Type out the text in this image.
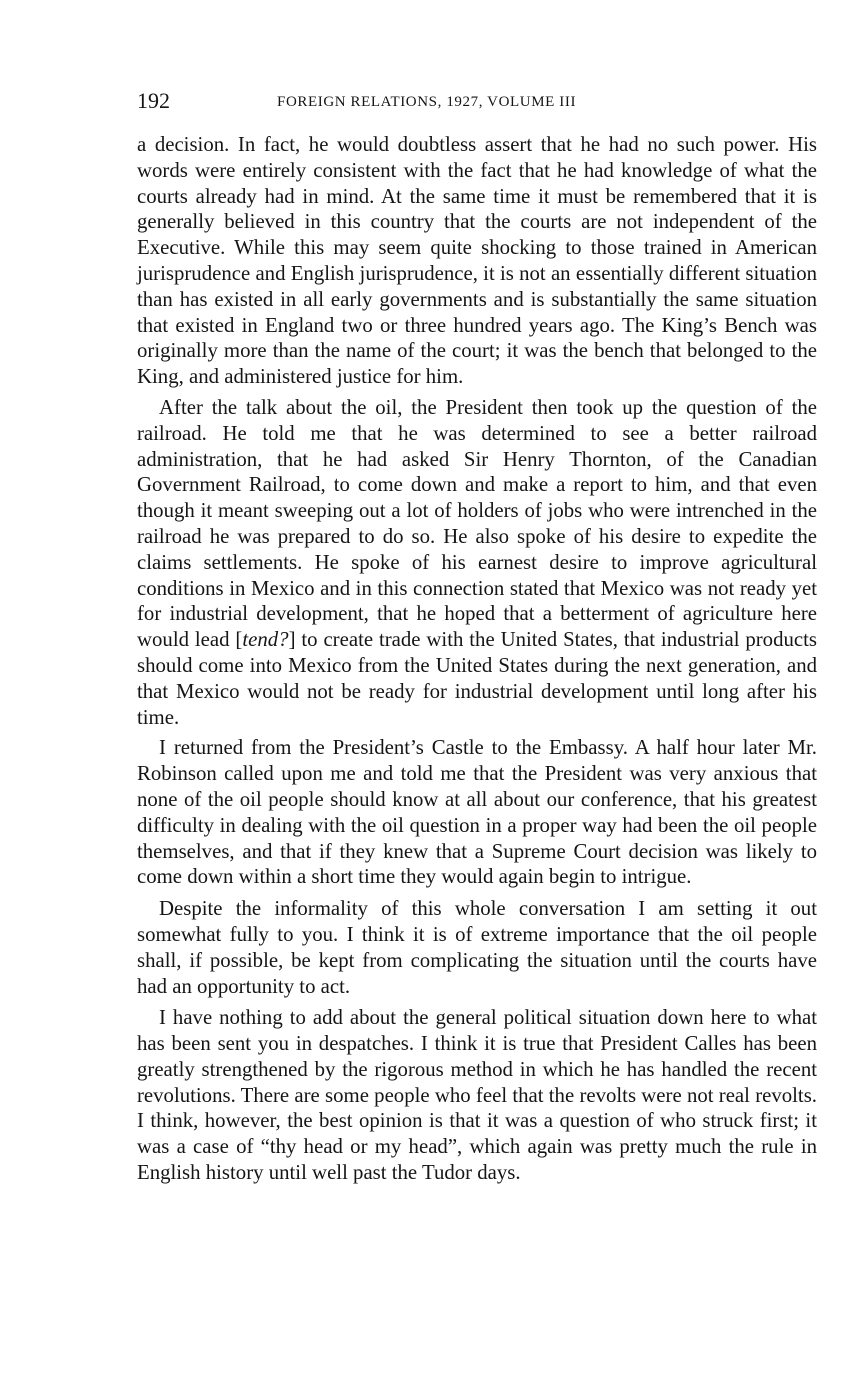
192	FOREIGN RELATIONS, 1927, VOLUME III

a decision. In fact, he would doubtless assert that he had no such power. His words were entirely consistent with the fact that he had knowledge of what the courts already had in mind. At the same time it must be remembered that it is generally believed in this country that the courts are not independent of the Executive. While this may seem quite shocking to those trained in American jurisprudence and English jurisprudence, it is not an essentially different situation than has existed in all early governments and is substantially the same situation that existed in England two or three hundred years ago. The King’s Bench was originally more than the name of the court; it was the bench that belonged to the King, and administered justice for him.

After the talk about the oil, the President then took up the question of the railroad. He told me that he was determined to see a better railroad administration, that he had asked Sir Henry Thornton, of the Canadian Government Railroad, to come down and make a report to him, and that even though it meant sweeping out a lot of holders of jobs who were intrenched in the railroad he was prepared to do so. He also spoke of his desire to expedite the claims settlements. He spoke of his earnest desire to improve agricultural conditions in Mexico and in this connection stated that Mexico was not ready yet for industrial development, that he hoped that a betterment of agriculture here would lead [tend?] to create trade with the United States, that industrial products should come into Mexico from the United States during the next generation, and that Mexico would not be ready for industrial development until long after his time.

I returned from the President’s Castle to the Embassy. A half hour later Mr. Robinson called upon me and told me that the President was very anxious that none of the oil people should know at all about our conference, that his greatest difficulty in dealing with the oil question in a proper way had been the oil people themselves, and that if they knew that a Supreme Court decision was likely to come down within a short time they would again begin to intrigue.

Despite the informality of this whole conversation I am setting it out somewhat fully to you. I think it is of extreme importance that the oil people shall, if possible, be kept from complicating the situation until the courts have had an opportunity to act.

I have nothing to add about the general political situation down here to what has been sent you in despatches. I think it is true that President Calles has been greatly strengthened by the rigorous method in which he has handled the recent revolutions. There are some people who feel that the revolts were not real revolts. I think, however, the best opinion is that it was a question of who struck first; it was a case of “thy head or my head”, which again was pretty much the rule in English history until well past the Tudor days.
